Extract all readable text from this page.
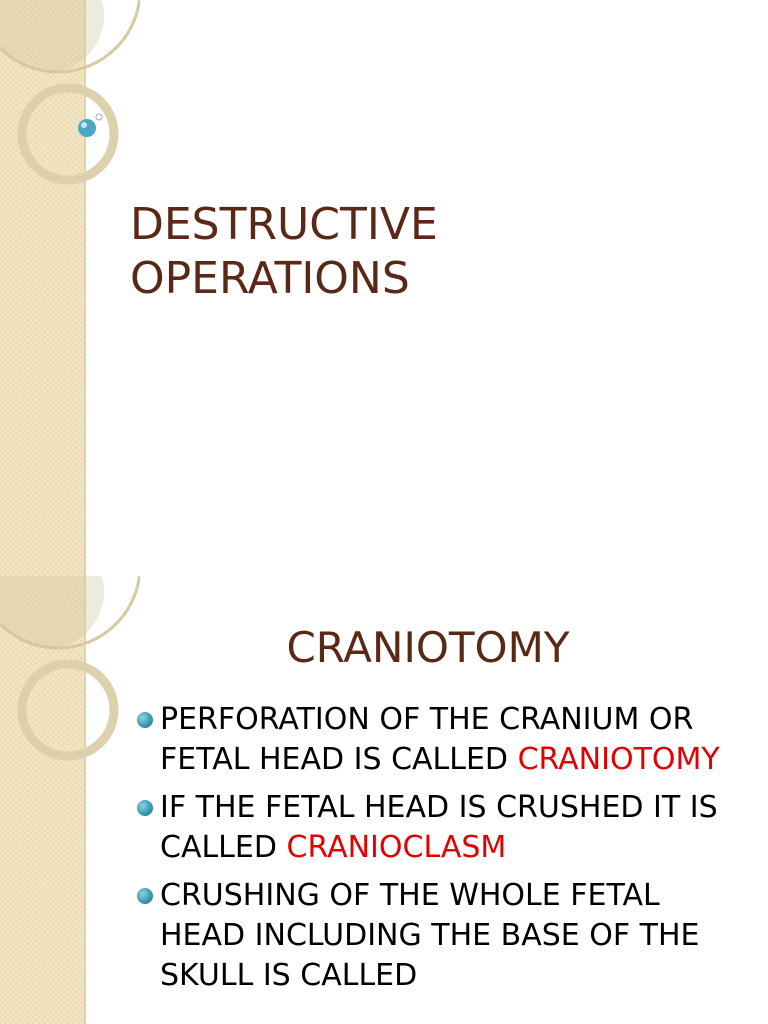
DESTRUCTIVE
OPERATIONS
CRANIOTOMY
PERFORATION OF THE CRANIUM OR FETAL HEAD IS CALLED CRANIOTOMY
IF THE FETAL HEAD IS CRUSHED IT IS CALLED CRANIOCLASM
CRUSHING OF THE WHOLE FETAL HEAD INCLUDING THE BASE OF THE SKULL IS CALLED
